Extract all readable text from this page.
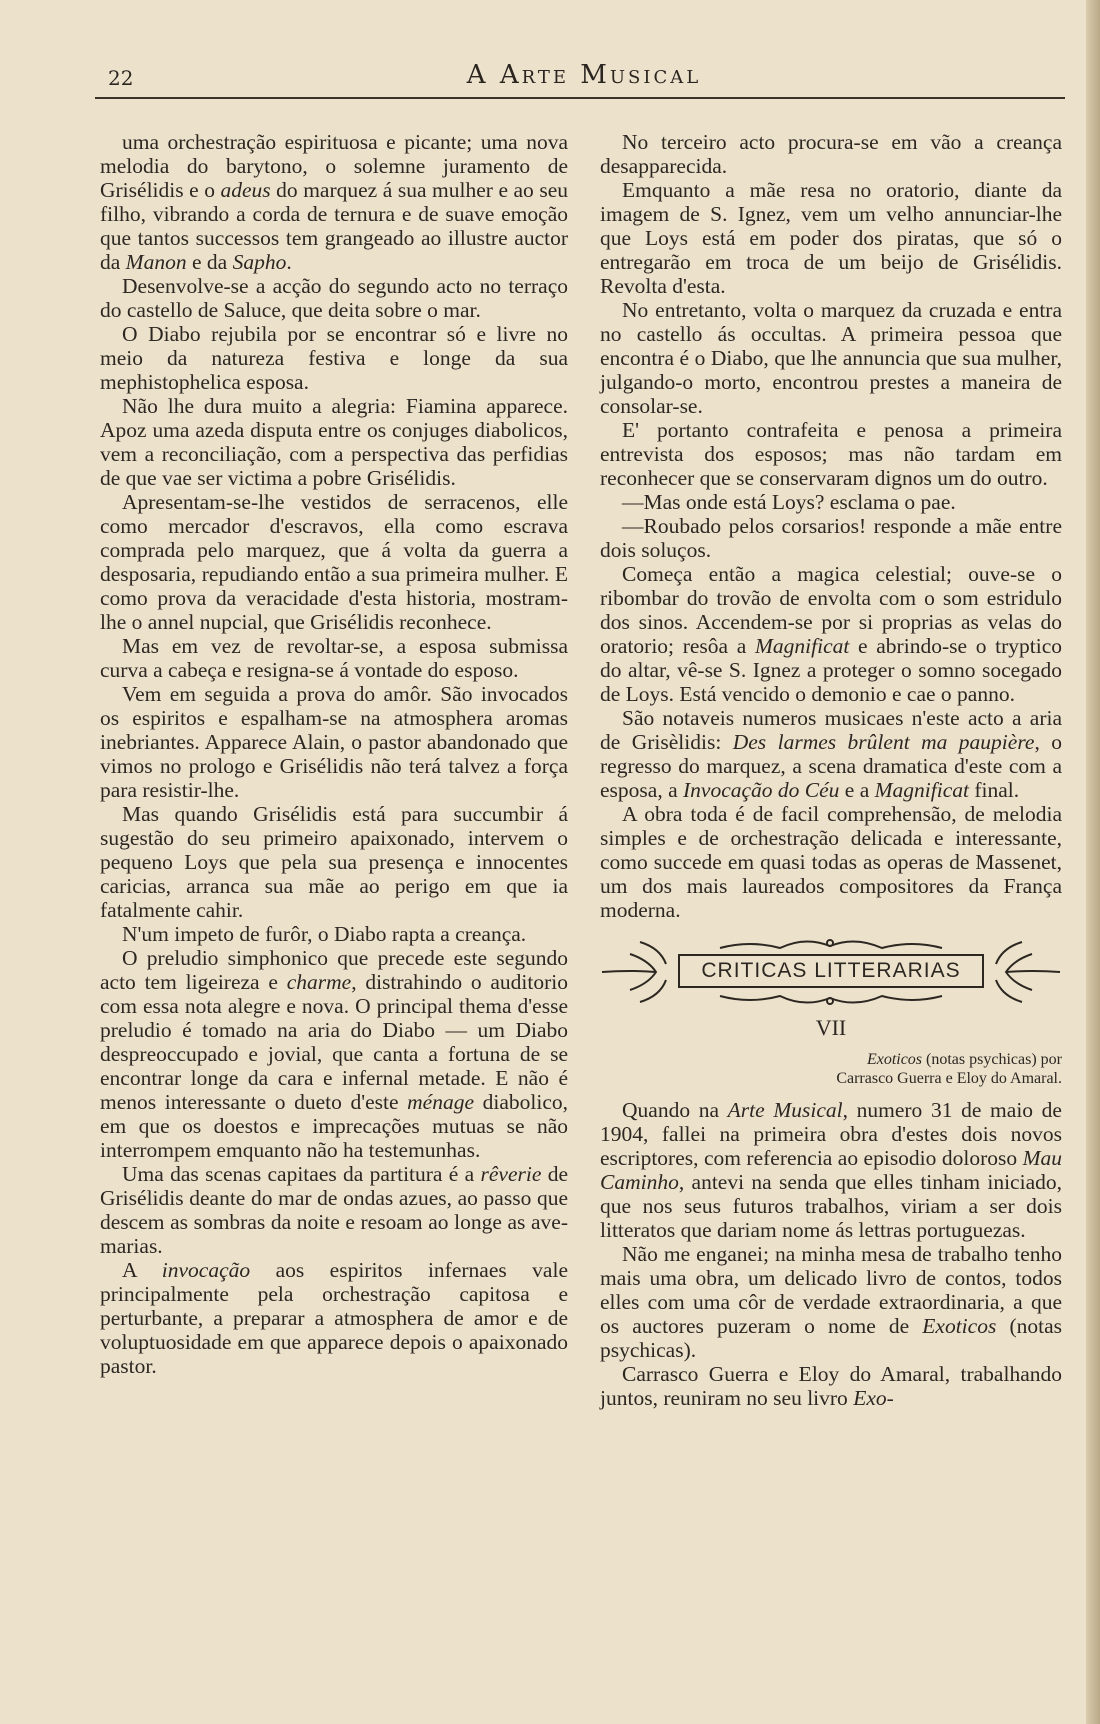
22	A Arte Musical

uma orchestração espirituosa e picante; uma nova melodia do barytono, o solemne juramento de Grisélidis e o adeus do marquez á sua mulher e ao seu filho, vibrando a corda de ternura e de suave emoção que tantos successos tem grangeado ao illustre auctor da Manon e da Sapho.

Desenvolve-se a acção do segundo acto no terraço do castello de Saluce, que deita sobre o mar.

O Diabo rejubila por se encontrar só e livre no meio da natureza festiva e longe da sua mephistophelica esposa.

Não lhe dura muito a alegria: Fiamina apparece. Apoz uma azeda disputa entre os conjuges diabolicos, vem a reconciliação, com a perspectiva das perfidias de que vae ser victima a pobre Grisélidis.

Apresentam-se-lhe vestidos de serracenos, elle como mercador d'escravos, ella como escrava comprada pelo marquez, que á volta da guerra a desposaria, repudiando então a sua primeira mulher. E como prova da veracidade d'esta historia, mostram-lhe o annel nupcial, que Grisélidis reconhece.

Mas em vez de revoltar-se, a esposa submissa curva a cabeça e resigna-se á vontade do esposo.

Vem em seguida a prova do amôr. São invocados os espiritos e espalham-se na atmosphera aromas inebriantes. Apparece Alain, o pastor abandonado que vimos no prologo e Grisélidis não terá talvez a força para resistir-lhe.

Mas quando Grisélidis está para succumbir á sugestão do seu primeiro apaixonado, intervem o pequeno Loys que pela sua presença e innocentes caricias, arranca sua mãe ao perigo em que ia fatalmente cahir.

N'um impeto de furôr, o Diabo rapta a creança.

O preludio simphonico que precede este segundo acto tem ligeireza e charme, distrahindo o auditorio com essa nota alegre e nova. O principal thema d'esse preludio é tomado na aria do Diabo — um Diabo despreoccupado e jovial, que canta a fortuna de se encontrar longe da cara e infernal metade. E não é menos interessante o dueto d'este ménage diabolico, em que os doestos e imprecações mutuas se não interrompem emquanto não ha testemunhas.

Uma das scenas capitaes da partitura é a rêverie de Grisélidis deante do mar de ondas azues, ao passo que descem as sombras da noite e resoam ao longe as ave-marias.

A invocação aos espiritos infernaes vale principalmente pela orchestração capitosa e perturbante, a preparar a atmosphera de amor e de voluptuosidade em que apparece depois o apaixonado pastor.

No terceiro acto procura-se em vão a creança desapparecida.

Emquanto a mãe resa no oratorio, diante da imagem de S. Ignez, vem um velho annunciar-lhe que Loys está em poder dos piratas, que só o entregarão em troca de um beijo de Grisélidis. Revolta d'esta.

No entretanto, volta o marquez da cruzada e entra no castello ás occultas. A primeira pessoa que encontra é o Diabo, que lhe annuncia que sua mulher, julgando-o morto, encontrou prestes a maneira de consolar-se.

E' portanto contrafeita e penosa a primeira entrevista dos esposos; mas não tardam em reconhecer que se conservaram dignos um do outro.

—Mas onde está Loys? esclama o pae.

—Roubado pelos corsarios! responde a mãe entre dois soluços.

Começa então a magica celestial; ouve-se o ribombar do trovão de envolta com o som estridulo dos sinos. Accendem-se por si proprias as velas do oratorio; resôa a Magnificat e abrindo-se o tryptico do altar, vê-se S. Ignez a proteger o somno socegado de Loys. Está vencido o demonio e cae o panno.

São notaveis numeros musicaes n'este acto a aria de Grisèlidis: Des larmes brûlent ma paupière, o regresso do marquez, a scena dramatica d'este com a esposa, a Invocação do Céu e a Magnificat final.

A obra toda é de facil comprehensão, de melodia simples e de orchestração delicada e interessante, como succede em quasi todas as operas de Massenet, um dos mais laureados compositores da França moderna.

CRITICAS LITTERARIAS
VII
Exoticos (notas psychicas) por
Carrasco Guerra e Eloy do Amaral.

Quando na Arte Musical, numero 31 de maio de 1904, fallei na primeira obra d'estes dois novos escriptores, com referencia ao episodio doloroso Mau Caminho, antevi na senda que elles tinham iniciado, que nos seus futuros trabalhos, viriam a ser dois litteratos que dariam nome ás lettras portuguezas.

Não me enganei; na minha mesa de trabalho tenho mais uma obra, um delicado livro de contos, todos elles com uma côr de verdade extraordinaria, a que os auctores puzeram o nome de Exoticos (notas psychicas).

Carrasco Guerra e Eloy do Amaral, trabalhando juntos, reuniram no seu livro Exo-
